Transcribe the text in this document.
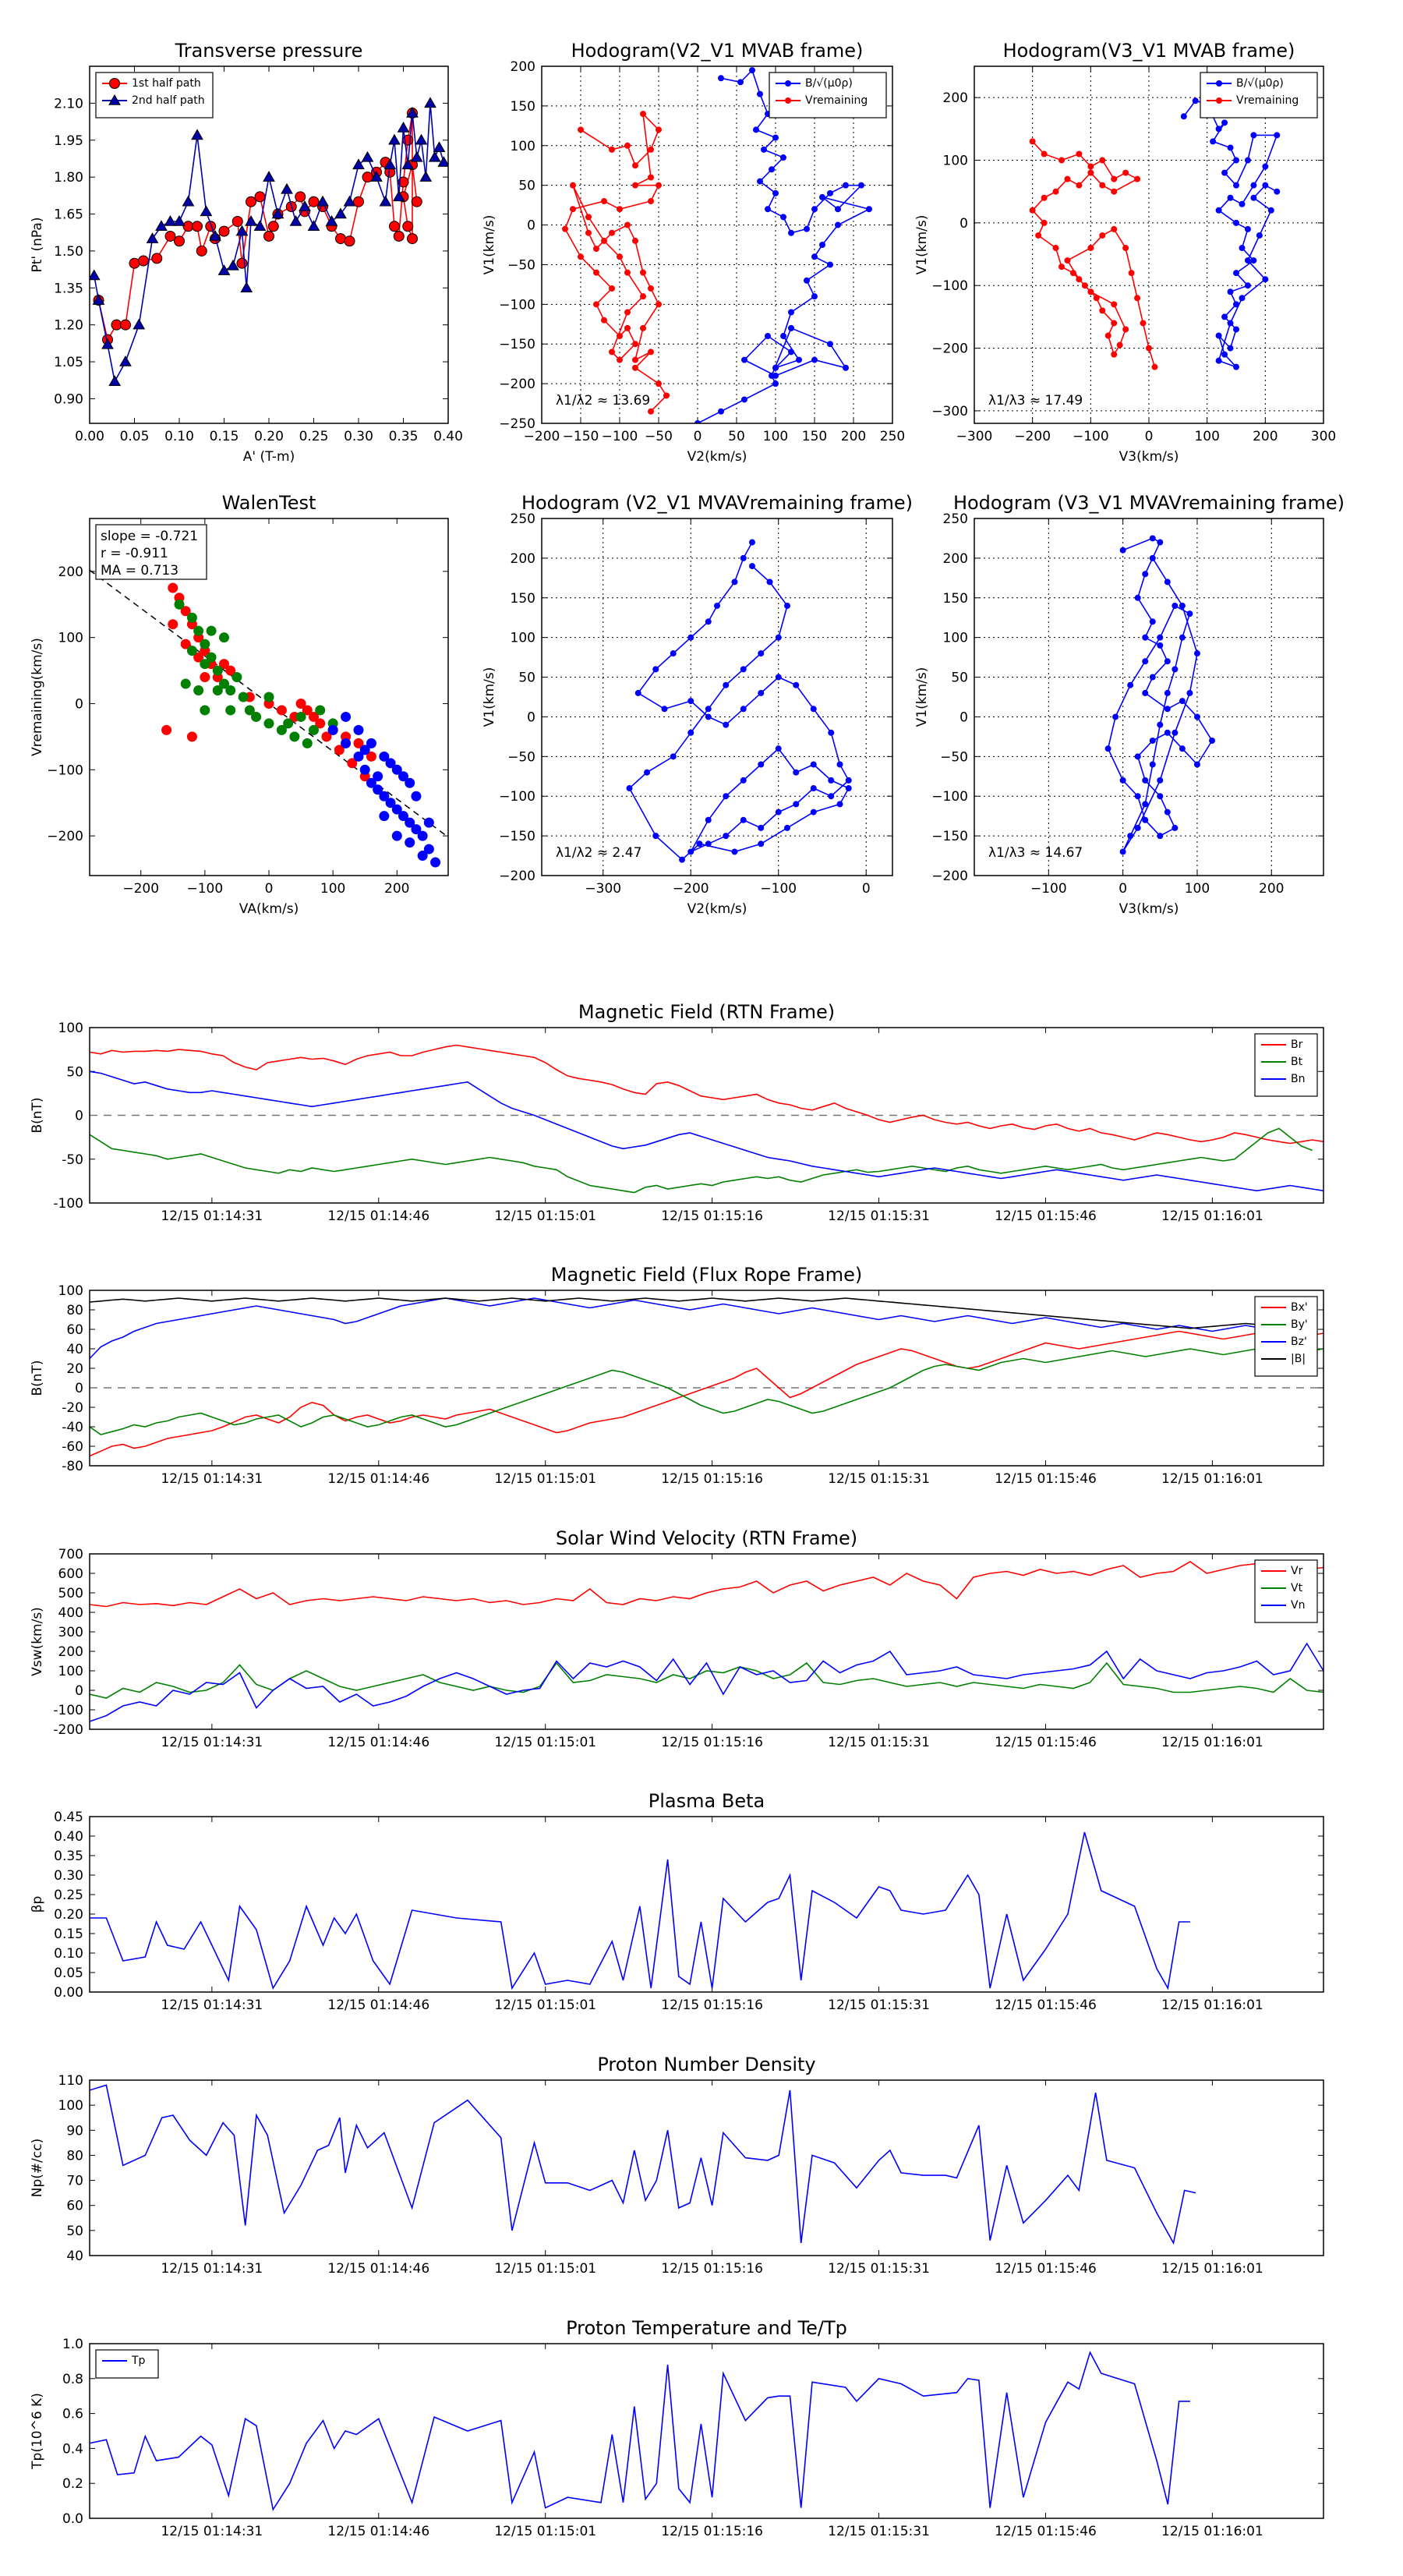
Transverse pressure
0.00 0.05 0.10 0.15 0.20 0.25 0.30 0.35 0.40
0.90
1.05
1.20
1.35
1.50
1.65
1.80
1.95
2.10
A' (T-m)
Pt' (nPa)
1st half path
2nd half path
Hodogram(V2_V1 MVAB frame)
−200 −150 −100 −50 0 50 100 150 200 250
−250
−200
−150
−100
−50
0
50
100
150
200
V2(km/s)
V1(km/s)
λ1/λ2 ≈ 13.69
B/√(μ0ρ)
Vremaining
Hodogram(V3_V1 MVAB frame)
−300 −200 −100	0	100 200 300
−300
−200
−100
0
100
200
V3(km/s)
V1(km/s)
λ1/λ3 ≈ 17.49
B/√(μ0ρ)
Vremaining
WalenTest
−200 −100	0	100	200
−200
−100
0
100
200
VA(km/s)
Vremaining(km/s)
slope = -0.721
r = -0.911
MA = 0.713
Hodogram (V2_V1 MVAVremaining frame)
−300	−200	−100	0
−200
−150
−100
−50
0
50
100
150
200
250
V2(km/s)
V1(km/s)
λ1/λ2 ≈ 2.47
Hodogram (V3_V1 MVAVremaining frame)
−100	0	100	200
−200
−150
−100
−50
0
50
100
150
200
250
V3(km/s)
V1(km/s)
λ1/λ3 ≈ 14.67
Magnetic Field (RTN Frame)
12/15 01:14:31	12/15 01:14:46	12/15 01:15:01	12/15 01:15:16	12/15 01:15:31	12/15 01:15:46	12/15 01:16:01
-100
-50
0
50
100
B(nT)
Br
Bt
Bn
Magnetic Field (Flux Rope Frame)
12/15 01:14:31	12/15 01:14:46	12/15 01:15:01	12/15 01:15:16	12/15 01:15:31	12/15 01:15:46	12/15 01:16:01
-80
-60
-40
-20
0
20
40
60
80
100
B(nT)
Bx'
By'
Bz'
|B|
Solar Wind Velocity (RTN Frame)
12/15 01:14:31	12/15 01:14:46	12/15 01:15:01	12/15 01:15:16	12/15 01:15:31	12/15 01:15:46	12/15 01:16:01
-200
-100
0
100
200
300
400
500
600
700
Vsw(km/s)
Vr
Vt
Vn
Plasma Beta
12/15 01:14:31	12/15 01:14:46	12/15 01:15:01	12/15 01:15:16	12/15 01:15:31	12/15 01:15:46	12/15 01:16:01
0.00
0.05
0.10
0.15
0.20
0.25
0.30
0.35
0.40
0.45
βp
Proton Number Density
12/15 01:14:31	12/15 01:14:46	12/15 01:15:01	12/15 01:15:16	12/15 01:15:31	12/15 01:15:46	12/15 01:16:01
40
50
60
70
80
90
100
110
Np(#/cc)
Proton Temperature and Te/Tp
12/15 01:14:31	12/15 01:14:46	12/15 01:15:01	12/15 01:15:16	12/15 01:15:31	12/15 01:15:46	12/15 01:16:01
0.0
0.2
0.4
0.6
0.8
1.0
Tp(10^6 K)
Tp
